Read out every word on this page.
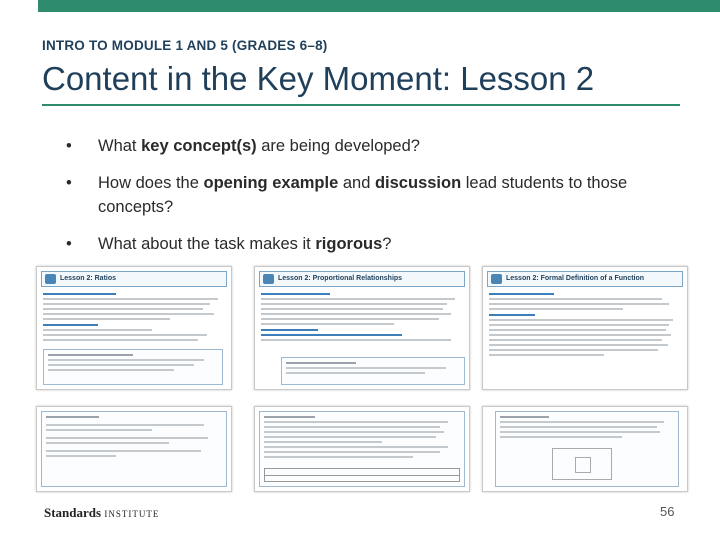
INTRO TO MODULE 1 AND 5 (GRADES 6–8)
Content in the Key Moment: Lesson 2
• What key concept(s) are being developed?
• How does the opening example and discussion lead students to those concepts?
• What about the task makes it rigorous?
Lesson 2: Ratios	Lesson 2: Proportional Relationships	Lesson 2: Formal Definition of a Function
Standards INSTITUTE	56
